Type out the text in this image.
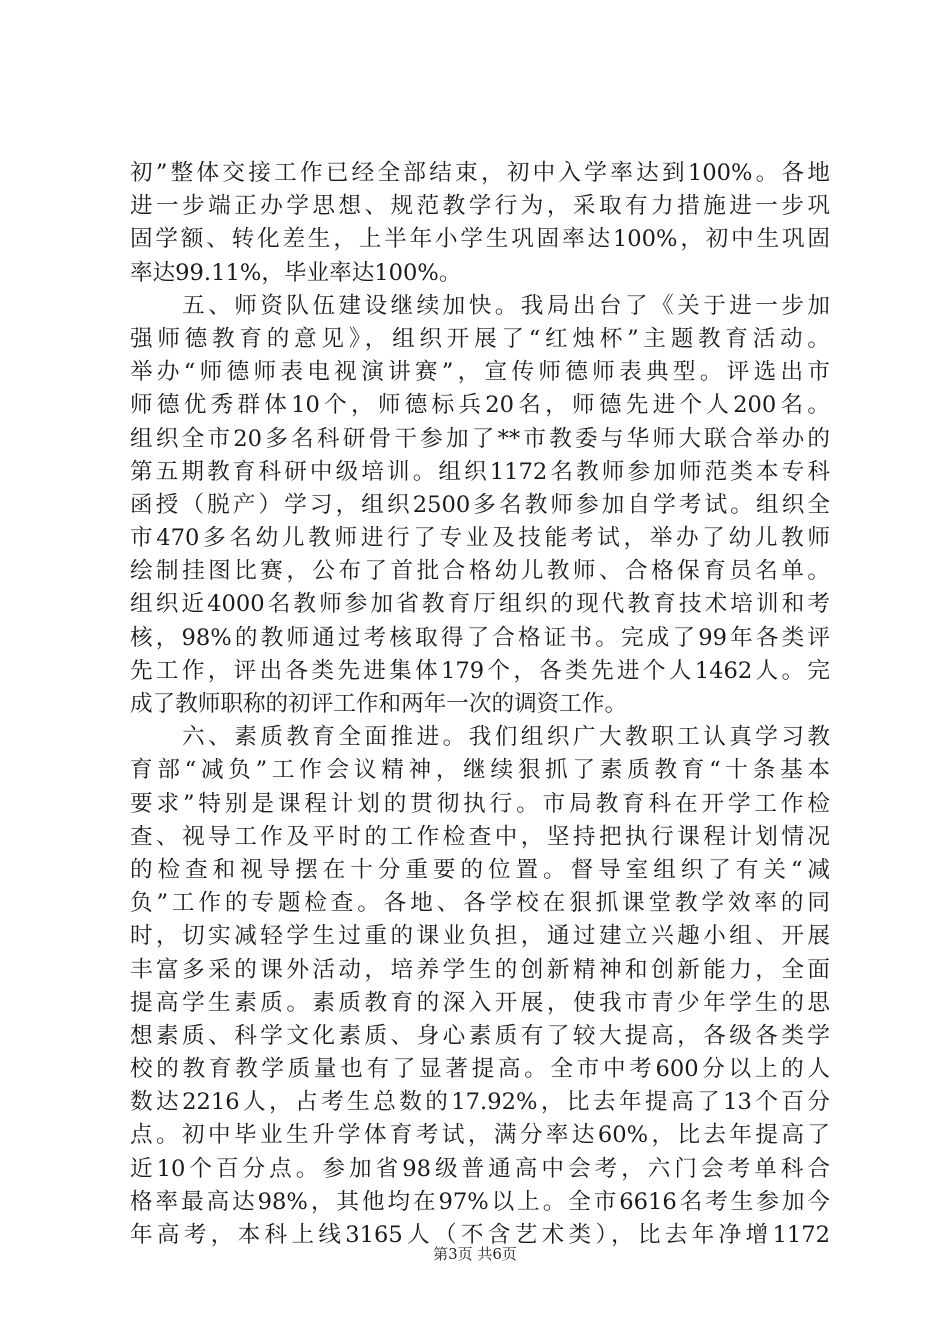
初”整体交接工作已经全部结束，初中入学率达到100%。各地
进一步端正办学思想、规范教学行为，采取有力措施进一步巩
固学额、转化差生，上半年小学生巩固率达100%，初中生巩固
率达99.11%，毕业率达100%。
　　五、师资队伍建设继续加快。我局出台了《关于进一步加
强师德教育的意见》，组织开展了“红烛杯”主题教育活动。
举办“师德师表电视演讲赛”，宣传师德师表典型。评选出市
师德优秀群体10个，师德标兵20名，师德先进个人200名。
组织全市20多名科研骨干参加了**市教委与华师大联合举办的
第五期教育科研中级培训。组织1172名教师参加师范类本专科
函授（脱产）学习，组织2500多名教师参加自学考试。组织全
市470多名幼儿教师进行了专业及技能考试，举办了幼儿教师
绘制挂图比赛，公布了首批合格幼儿教师、合格保育员名单。
组织近4000名教师参加省教育厅组织的现代教育技术培训和考
核，98%的教师通过考核取得了合格证书。完成了99年各类评
先工作，评出各类先进集体179个，各类先进个人1462人。完
成了教师职称的初评工作和两年一次的调资工作。
　　六、素质教育全面推进。我们组织广大教职工认真学习教
育部“减负”工作会议精神，继续狠抓了素质教育“十条基本
要求”特别是课程计划的贯彻执行。市局教育科在开学工作检
查、视导工作及平时的工作检查中，坚持把执行课程计划情况
的检查和视导摆在十分重要的位置。督导室组织了有关“减
负”工作的专题检查。各地、各学校在狠抓课堂教学效率的同
时，切实减轻学生过重的课业负担，通过建立兴趣小组、开展
丰富多采的课外活动，培养学生的创新精神和创新能力，全面
提高学生素质。素质教育的深入开展，使我市青少年学生的思
想素质、科学文化素质、身心素质有了较大提高，各级各类学
校的教育教学质量也有了显著提高。全市中考600分以上的人
数达2216人，占考生总数的17.92%，比去年提高了13个百分
点。初中毕业生升学体育考试，满分率达60%，比去年提高了
近10个百分点。参加省98级普通高中会考，六门会考单科合
格率最高达98%，其他均在97%以上。全市6616名考生参加今
年高考，本科上线3165人（不含艺术类），比去年净增1172
第3页 共6页
